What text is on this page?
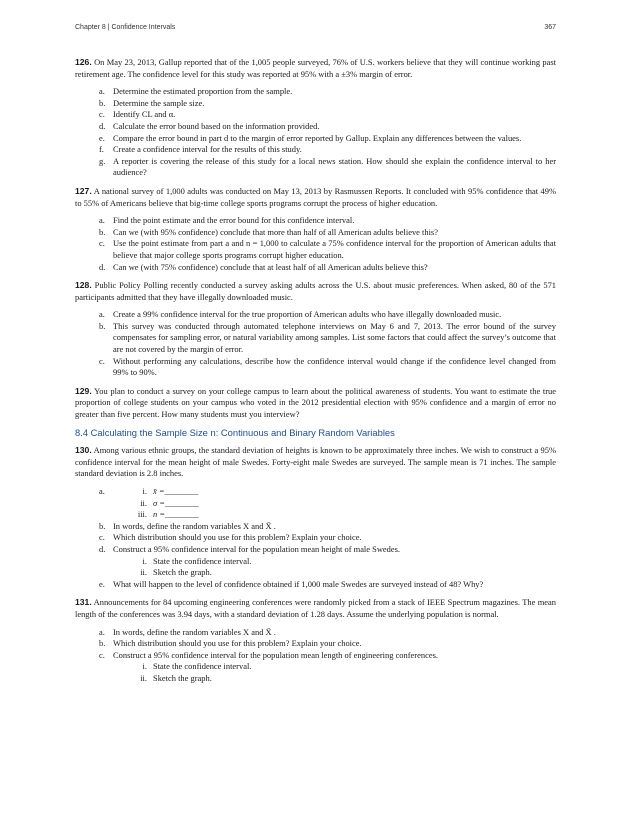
Chapter 8 | Confidence Intervals	367

126. On May 23, 2013, Gallup reported that of the 1,005 people surveyed, 76% of U.S. workers believe that they will continue working past retirement age. The confidence level for this study was reported at 95% with a ±3% margin of error.

a. Determine the estimated proportion from the sample.
b. Determine the sample size.
c. Identify CL and α.
d. Calculate the error bound based on the information provided.
e. Compare the error bound in part d to the margin of error reported by Gallup. Explain any differences between the values.
f. Create a confidence interval for the results of this study.
g. A reporter is covering the release of this study for a local news station. How should she explain the confidence interval to her audience?

127. A national survey of 1,000 adults was conducted on May 13, 2013 by Rasmussen Reports. It concluded with 95% confidence that 49% to 55% of Americans believe that big-time college sports programs corrupt the process of higher education.

a. Find the point estimate and the error bound for this confidence interval.
b. Can we (with 95% confidence) conclude that more than half of all American adults believe this?
c. Use the point estimate from part a and n = 1,000 to calculate a 75% confidence interval for the proportion of American adults that believe that major college sports programs corrupt higher education.
d. Can we (with 75% confidence) conclude that at least half of all American adults believe this?

128. Public Policy Polling recently conducted a survey asking adults across the U.S. about music preferences. When asked, 80 of the 571 participants admitted that they have illegally downloaded music.

a. Create a 99% confidence interval for the true proportion of American adults who have illegally downloaded music.
b. This survey was conducted through automated telephone interviews on May 6 and 7, 2013. The error bound of the survey compensates for sampling error, or natural variability among samples. List some factors that could affect the survey’s outcome that are not covered by the margin of error.
c. Without performing any calculations, describe how the confidence interval would change if the confidence level changed from 99% to 90%.

129. You plan to conduct a survey on your college campus to learn about the political awareness of students. You want to estimate the true proportion of college students on your campus who voted in the 2012 presidential election with 95% confidence and a margin of error no greater than five percent. How many students must you interview?

8.4 Calculating the Sample Size n: Continuous and Binary Random Variables

130. Among various ethnic groups, the standard deviation of heights is known to be approximately three inches. We wish to construct a 95% confidence interval for the mean height of male Swedes. Forty-eight male Swedes are surveyed. The sample mean is 71 inches. The sample standard deviation is 2.8 inches.

a.	i. x̄ =________
ii. σ =________
iii. n =________
b. In words, define the random variables X and X̄ .
c. Which distribution should you use for this problem? Explain your choice.
d. Construct a 95% confidence interval for the population mean height of male Swedes.
i. State the confidence interval.
ii. Sketch the graph.
e. What will happen to the level of confidence obtained if 1,000 male Swedes are surveyed instead of 48? Why?

131. Announcements for 84 upcoming engineering conferences were randomly picked from a stack of IEEE Spectrum magazines. The mean length of the conferences was 3.94 days, with a standard deviation of 1.28 days. Assume the underlying population is normal.

a. In words, define the random variables X and X̄ .
b. Which distribution should you use for this problem? Explain your choice.
c. Construct a 95% confidence interval for the population mean length of engineering conferences.
i. State the confidence interval.
ii. Sketch the graph.
